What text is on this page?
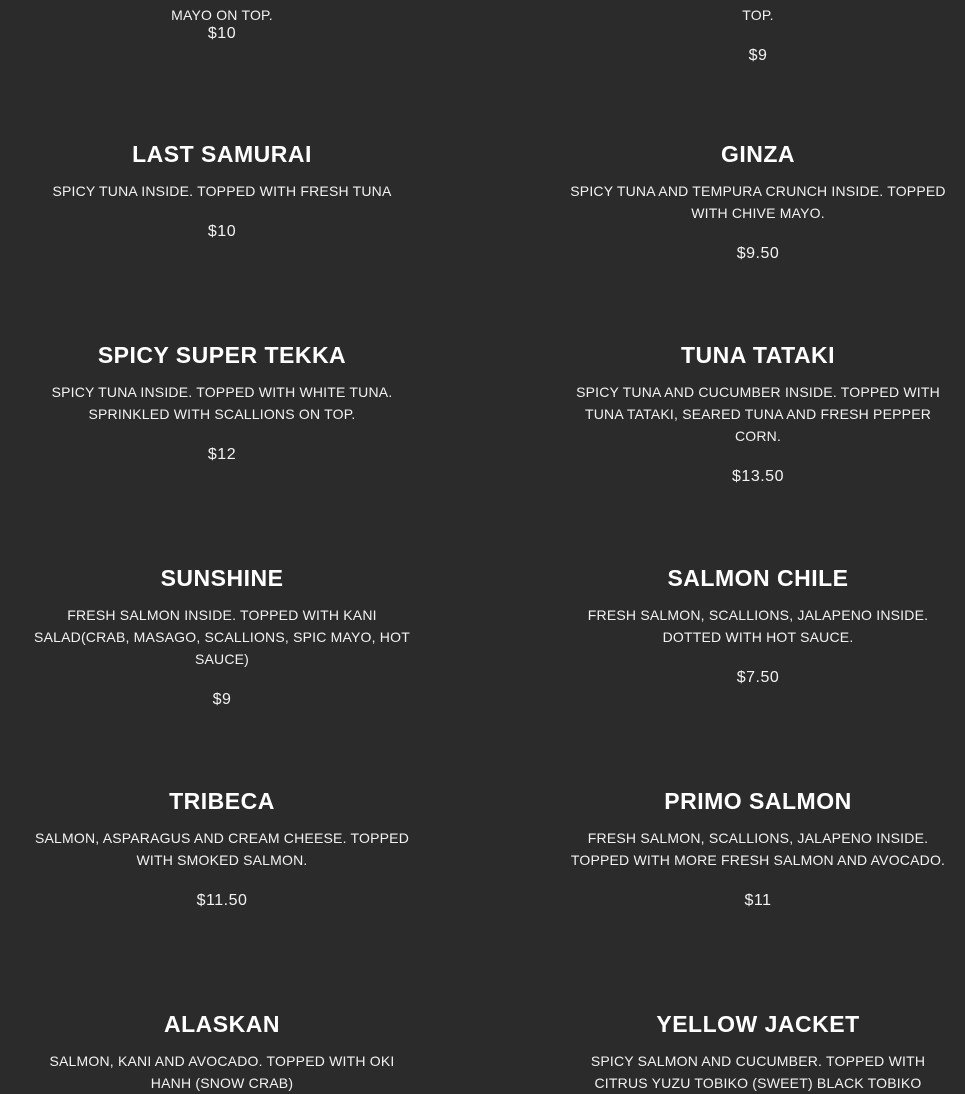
MAYO ON TOP.
$10
TOP.
$9
LAST SAMURAI
SPICY TUNA INSIDE. TOPPED WITH FRESH TUNA
$10
GINZA
SPICY TUNA AND TEMPURA CRUNCH INSIDE. TOPPED WITH CHIVE MAYO.
$9.50
SPICY SUPER TEKKA
SPICY TUNA INSIDE. TOPPED WITH WHITE TUNA. SPRINKLED WITH SCALLIONS ON TOP.
$12
TUNA TATAKI
SPICY TUNA AND CUCUMBER INSIDE. TOPPED WITH TUNA TATAKI, SEARED TUNA AND FRESH PEPPER CORN.
$13.50
SUNSHINE
FRESH SALMON INSIDE. TOPPED WITH KANI SALAD(CRAB, MASAGO, SCALLIONS, SPIC MAYO, HOT SAUCE)
$9
SALMON CHILE
FRESH SALMON, SCALLIONS, JALAPENO INSIDE. DOTTED WITH HOT SAUCE.
$7.50
TRIBECA
SALMON, ASPARAGUS AND CREAM CHEESE. TOPPED WITH SMOKED SALMON.
$11.50
PRIMO SALMON
FRESH SALMON, SCALLIONS, JALAPENO INSIDE. TOPPED WITH MORE FRESH SALMON AND AVOCADO.
$11
ALASKAN
SALMON, KANI AND AVOCADO. TOPPED WITH OKI HANH (SNOW CRAB)
YELLOW JACKET
SPICY SALMON AND CUCUMBER. TOPPED WITH CITRUS YUZU TOBIKO (SWEET) BLACK TOBIKO
